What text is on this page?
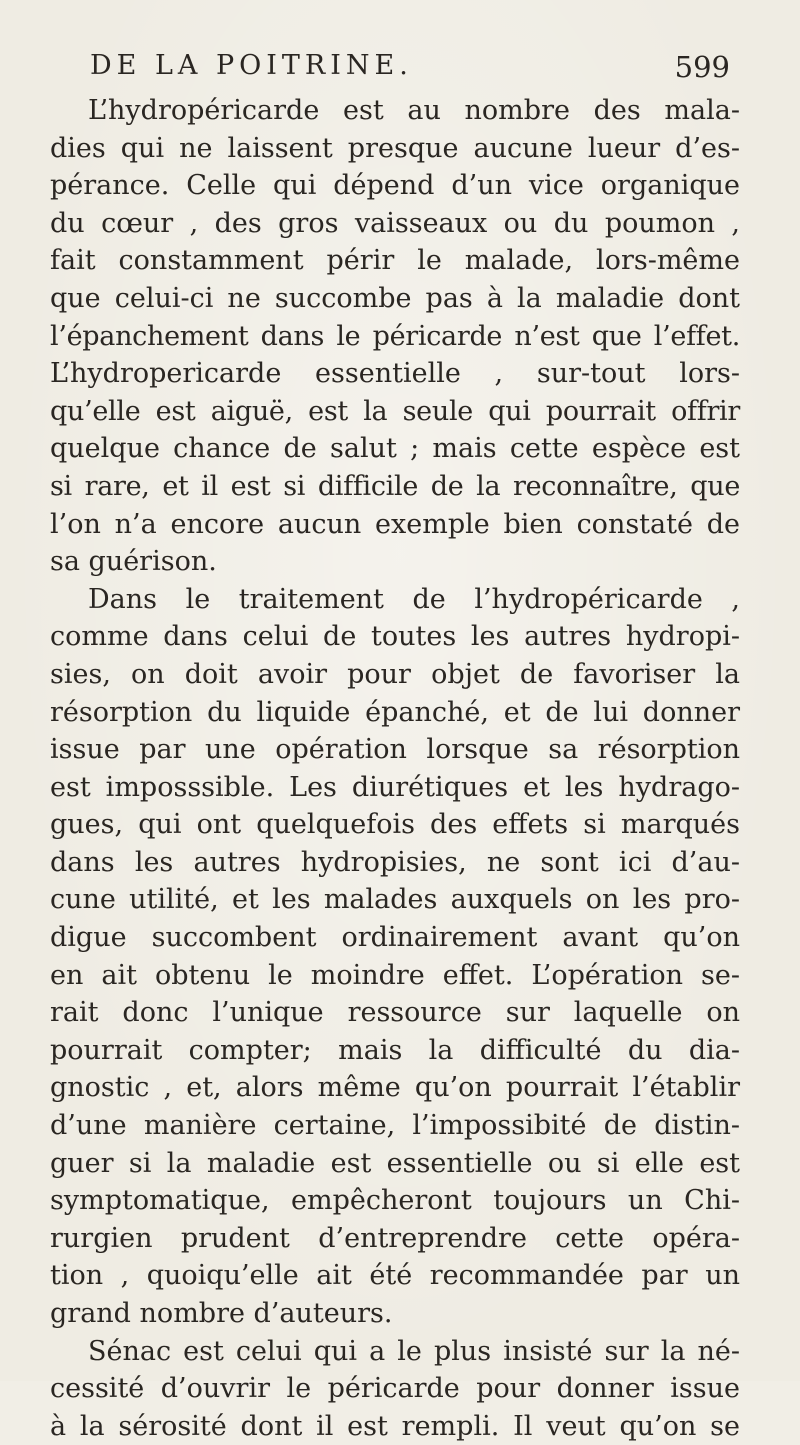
DE LA POITRINE.	599
L’hydropéricarde est au nombre des mala-
dies qui ne laissent presque aucune lueur d’es-
pérance. Celle qui dépend d’un vice organique
du cœur , des gros vaisseaux ou du poumon ,
fait constamment périr le malade, lors-même
que celui-ci ne succombe pas à la maladie dont
l’épanchement dans le péricarde n’est que l’effet.
L’hydropericarde essentielle , sur-tout lors-
qu’elle est aiguë, est la seule qui pourrait offrir
quelque chance de salut ; mais cette espèce est
si rare, et il est si difficile de la reconnaître, que
l’on n’a encore aucun exemple bien constaté de
sa guérison.
Dans le traitement de l’hydropéricarde ,
comme dans celui de toutes les autres hydropi-
sies, on doit avoir pour objet de favoriser la
résorption du liquide épanché, et de lui donner
issue par une opération lorsque sa résorption
est imposssible. Les diurétiques et les hydrago-
gues, qui ont quelquefois des effets si marqués
dans les autres hydropisies, ne sont ici d’au-
cune utilité, et les malades auxquels on les pro-
digue succombent ordinairement avant qu’on
en ait obtenu le moindre effet. L’opération se-
rait donc l’unique ressource sur laquelle on
pourrait compter; mais la difficulté du dia-
gnostic , et, alors même qu’on pourrait l’établir
d’une manière certaine, l’impossibité de distin-
guer si la maladie est essentielle ou si elle est
symptomatique, empêcheront toujours un Chi-
rurgien prudent d’entreprendre cette opéra-
tion , quoiqu’elle ait été recommandée par un
grand nombre d’auteurs.
Sénac est celui qui a le plus insisté sur la né-
cessité d’ouvrir le péricarde pour donner issue
à la sérosité dont il est rempli. Il veut qu’on se
